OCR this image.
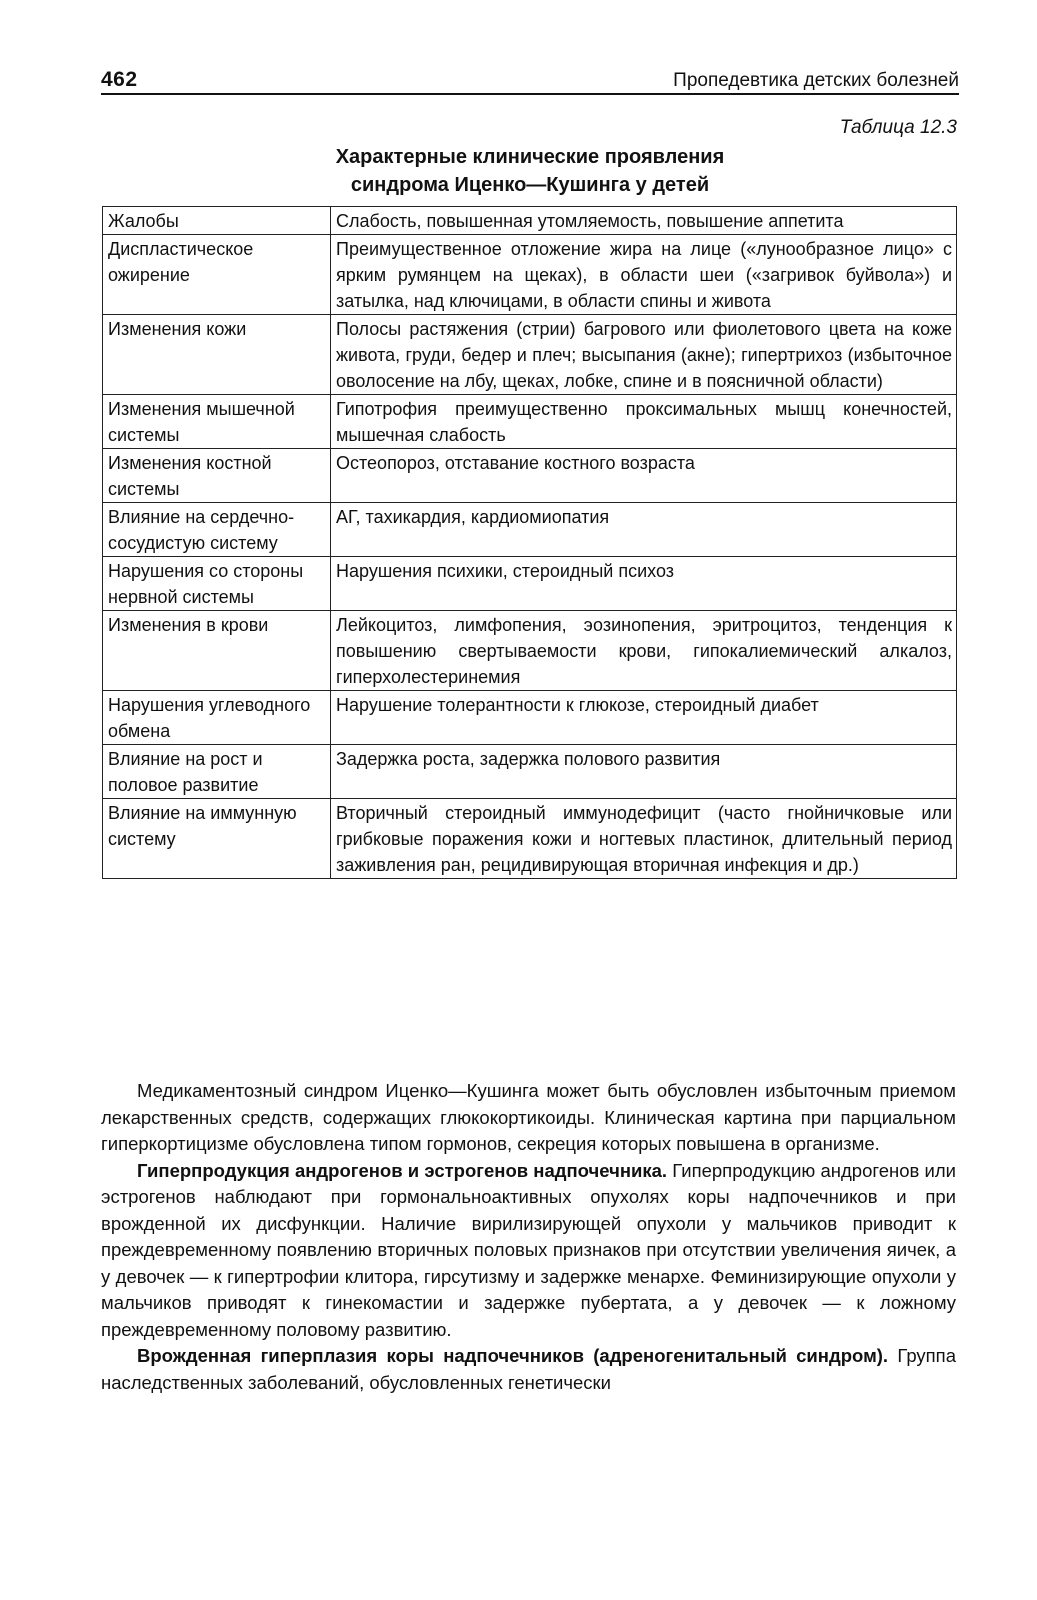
462	Пропедевтика детских болезней
Таблица 12.3
Характерные клинические проявления
синдрома Иценко—Кушинга у детей
Жалобы	Слабость, повышенная утомляемость, повышение аппетита
Диспластическое ожирение	Преимущественное отложение жира на лице («лунообразное лицо» с ярким румянцем на щеках), в области шеи («загривок буйвола») и затылка, над ключицами, в области спины и живота
Изменения кожи	Полосы растяжения (стрии) багрового или фиолетового цвета на коже живота, груди, бедер и плеч; высыпания (акне); гипертрихоз (избыточное оволосение на лбу, щеках, лобке, спине и в поясничной области)
Изменения мышечной системы	Гипотрофия преимущественно проксимальных мышц конечностей, мышечная слабость
Изменения костной системы	Остеопороз, отставание костного возраста
Влияние на сердечно-сосудистую систему	АГ, тахикардия, кардиомиопатия
Нарушения со стороны нервной системы	Нарушения психики, стероидный психоз
Изменения в крови	Лейкоцитоз, лимфопения, эозинопения, эритроцитоз, тенденция к повышению свертываемости крови, гипокалиемический алкалоз, гиперхолестеринемия
Нарушения углеводного обмена	Нарушение толерантности к глюкозе, стероидный диабет
Влияние на рост и половое развитие	Задержка роста, задержка полового развития
Влияние на иммунную систему	Вторичный стероидный иммунодефицит (часто гнойничковые или грибковые поражения кожи и ногтевых пластинок, длительный период заживления ран, рецидивирующая вторичная инфекция и др.)

Медикаментозный синдром Иценко—Кушинга может быть обусловлен избыточным приемом лекарственных средств, содержащих глюкокортикоиды. Клиническая картина при парциальном гиперкортицизме обусловлена типом гормонов, секреция которых повышена в организме.

Гиперпродукция андрогенов и эстрогенов надпочечника. Гиперпродукцию андрогенов или эстрогенов наблюдают при гормональноактивных опухолях коры надпочечников и при врожденной их дисфункции. Наличие вирилизирующей опухоли у мальчиков приводит к преждевременному появлению вторичных половых признаков при отсутствии увеличения яичек, а у девочек — к гипертрофии клитора, гирсутизму и задержке менархе. Феминизирующие опухоли у мальчиков приводят к гинекомастии и задержке пубертата, а у девочек — к ложному преждевременному половому развитию.

Врожденная гиперплазия коры надпочечников (адреногенитальный синдром). Группа наследственных заболеваний, обусловленных генетически
